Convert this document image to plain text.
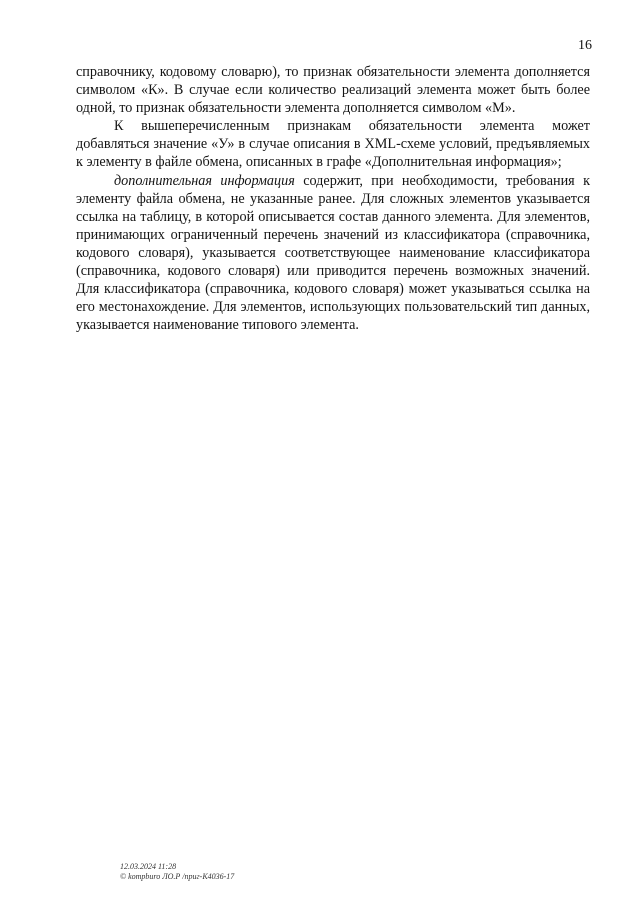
16

справочнику, кодовому словарю), то признак обязательности элемента дополняется символом «К». В случае если количество реализаций элемента может быть более одной, то признак обязательности элемента дополняется символом «М».

К вышеперечисленным признакам обязательности элемента может добавляться значение «У» в случае описания в XML-схеме условий, предъявляемых к элементу в файле обмена, описанных в графе «Дополнительная информация»;

дополнительная информация содержит, при необходимости, требования к элементу файла обмена, не указанные ранее. Для сложных элементов указывается ссылка на таблицу, в которой описывается состав данного элемента. Для элементов, принимающих ограниченный перечень значений из классификатора (справочника, кодового словаря), указывается соответствующее наименование классификатора (справочника, кодового словаря) или приводится перечень возможных значений. Для классификатора (справочника, кодового словаря) может указываться ссылка на его местонахождение. Для элементов, использующих пользовательский тип данных, указывается наименование типового элемента.

12.03.2024 11:28
© kompburo ЛО.Р /приг-К4036-17
